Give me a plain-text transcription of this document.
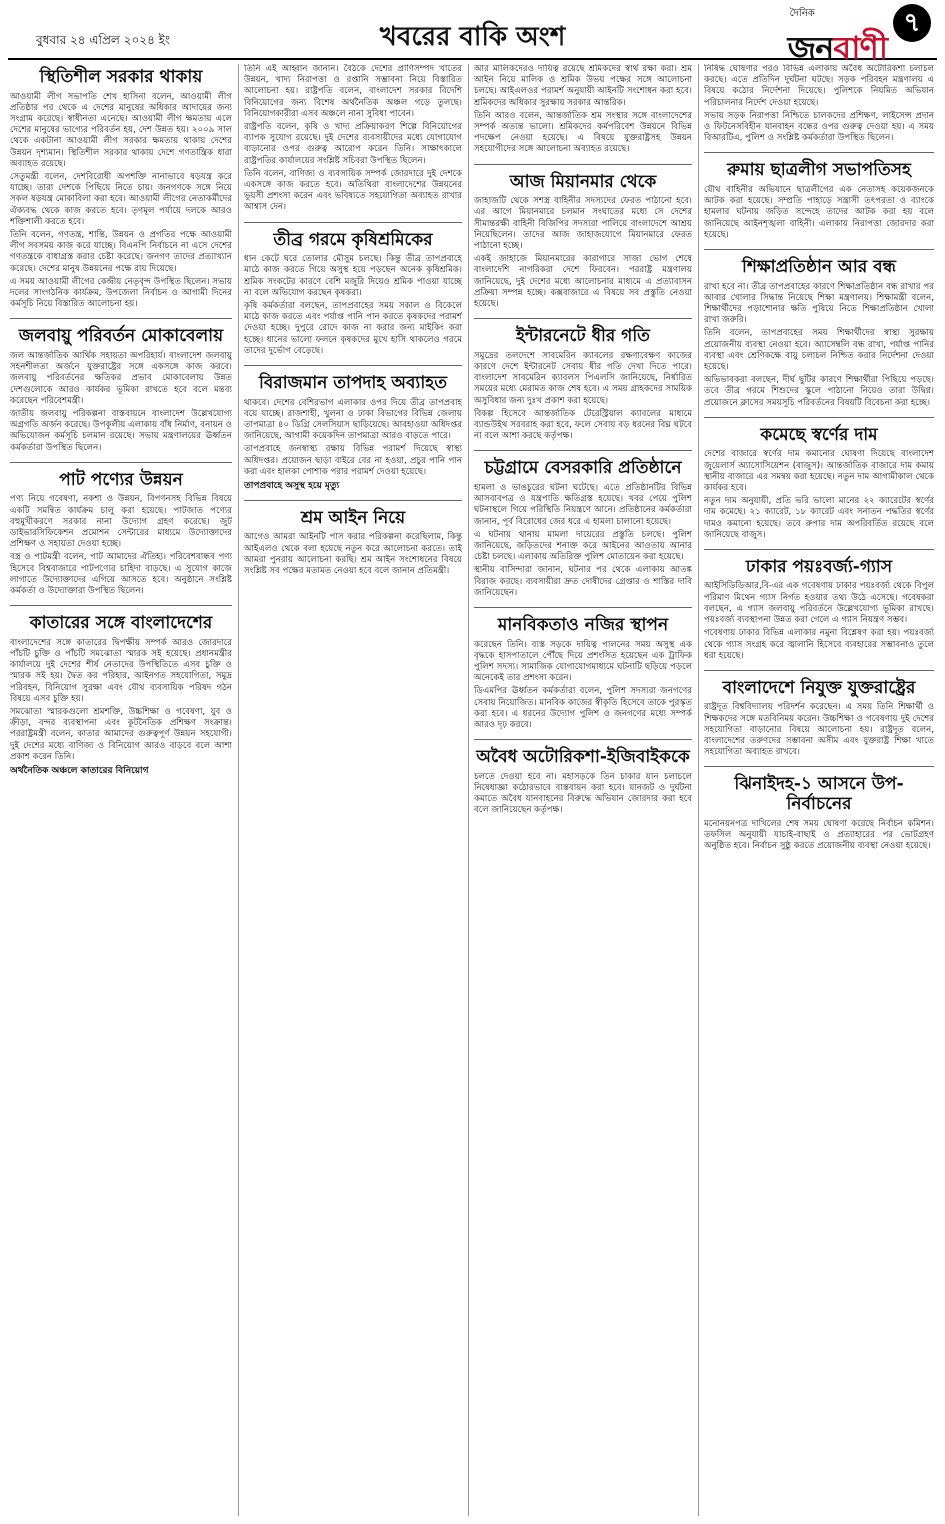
বুধবার ২৪ এপ্রিল ২০২৪ ইং	খবরের বাকি অংশ
দৈনিক
জনবাণী
৭
স্থিতিশীল সরকার থাকায়

আওয়ামী লীগ সভাপতি শেখ হাসিনা বলেন, আওয়ামী লীগ প্রতিষ্ঠার পর থেকে এ দেশের মানুষের অধিকার আদায়ের জন্য সংগ্রাম করেছে। স্বাধীনতা এনেছে। আওয়ামী লীগ ক্ষমতায় এলে দেশের মানুষের ভাগ্যের পরিবর্তন হয়, দেশ উন্নত হয়। ২০০৯ সাল থেকে একটানা আওয়ামী লীগ সরকার ক্ষমতায় থাকায় দেশের উন্নয়ন দৃশ্যমান। স্থিতিশীল সরকার থাকায় দেশে গণতান্ত্রিক ধারা অব্যাহত রয়েছে।

সেতুমন্ত্রী বলেন, দেশবিরোধী অপশক্তি নানাভাবে ষড়যন্ত্র করে যাচ্ছে। তারা দেশকে পিছিয়ে নিতে চায়। জনগণকে সঙ্গে নিয়ে সকল ষড়যন্ত্র মোকাবিলা করা হবে। আওয়ামী লীগের নেতাকর্মীদের ঐক্যবদ্ধ থেকে কাজ করতে হবে। তৃণমূল পর্যায়ে দলকে আরও শক্তিশালী করতে হবে।

তিনি বলেন, গণতন্ত্র, শান্তি, উন্নয়ন ও প্রগতির পক্ষে আওয়ামী লীগ সবসময় কাজ করে যাচ্ছে। বিএনপি নির্বাচনে না এসে দেশের গণতন্ত্রকে বাধাগ্রস্ত করার চেষ্টা করেছে। জনগণ তাদের প্রত্যাখ্যান করেছে। দেশের মানুষ উন্নয়নের পক্ষে রায় দিয়েছে।

এ সময় আওয়ামী লীগের কেন্দ্রীয় নেতৃবৃন্দ উপস্থিত ছিলেন। সভায় দলের সাংগঠনিক কার্যক্রম, উপজেলা নির্বাচন ও আগামী দিনের কর্মসূচি নিয়ে বিস্তারিত আলোচনা হয়।

জলবায়ু পরিবর্তন মোকাবেলায়

জল আন্তর্জাতিক আর্থিক সহায়তা অপরিহার্য। বাংলাদেশ জলবায়ু সহনশীলতা অর্জনে যুক্তরাষ্ট্রের সঙ্গে একসঙ্গে কাজ করবে। জলবায়ু পরিবর্তনের ক্ষতিকর প্রভাব মোকাবেলায় উন্নত দেশগুলোকে আরও কার্যকর ভূমিকা রাখতে হবে বলে মন্তব্য করেছেন পরিবেশমন্ত্রী।

জাতীয় জলবায়ু পরিকল্পনা বাস্তবায়নে বাংলাদেশ উল্লেখযোগ্য অগ্রগতি অর্জন করেছে। উপকূলীয় এলাকায় বাঁধ নির্মাণ, বনায়ন ও অভিযোজন কর্মসূচি চলমান রয়েছে। সভায় মন্ত্রণালয়ের ঊর্ধ্বতন কর্মকর্তারা উপস্থিত ছিলেন।

পাট পণ্যের উন্নয়ন

পণ্য নিয়ে গবেষণা, নকশা ও উন্নয়ন, বিপণনসহ বিভিন্ন বিষয়ে একটি সমন্বিত কার্যক্রম চালু করা হয়েছে। পাটজাত পণ্যের বহুমুখীকরণে সরকার নানা উদ্যোগ গ্রহণ করেছে। জুট ডাইভারসিফিকেশন প্রমোশন সেন্টারের মাধ্যমে উদ্যোক্তাদের প্রশিক্ষণ ও সহায়তা দেওয়া হচ্ছে।

বস্ত্র ও পাটমন্ত্রী বলেন, পাট আমাদের ঐতিহ্য। পরিবেশবান্ধব পণ্য হিসেবে বিশ্ববাজারে পাটপণ্যের চাহিদা বাড়ছে। এ সুযোগ কাজে লাগাতে উদ্যোক্তাদের এগিয়ে আসতে হবে। অনুষ্ঠানে সংশ্লিষ্ট কর্মকর্তা ও উদ্যোক্তারা উপস্থিত ছিলেন।

কাতারের সঙ্গে বাংলাদেশের

বাংলাদেশের সঙ্গে কাতারের দ্বিপক্ষীয় সম্পর্ক আরও জোরদারে পাঁচটি চুক্তি ও পাঁচটি সমঝোতা স্মারক সই হয়েছে। প্রধানমন্ত্রীর কার্যালয়ে দুই দেশের শীর্ষ নেতাদের উপস্থিতিতে এসব চুক্তি ও স্মারক সই হয়। দ্বৈত কর পরিহার, আইনগত সহযোগিতা, সমুদ্র পরিবহন, বিনিয়োগ সুরক্ষা এবং যৌথ ব্যবসায়িক পরিষদ গঠন বিষয়ে এসব চুক্তি হয়।

সমঝোতা স্মারকগুলো শ্রমশক্তি, উচ্চশিক্ষা ও গবেষণা, যুব ও ক্রীড়া, বন্দর ব্যবস্থাপনা এবং কূটনৈতিক প্রশিক্ষণ সংক্রান্ত। পররাষ্ট্রমন্ত্রী বলেন, কাতার আমাদের গুরুত্বপূর্ণ উন্নয়ন সহযোগী। দুই দেশের মধ্যে বাণিজ্য ও বিনিয়োগ আরও বাড়বে বলে আশা প্রকাশ করেন তিনি।

অর্থনৈতিক অঞ্চলে কাতারের বিনিয়োগ

তিনি এই আহ্বান জানান। বৈঠকে দেশের প্রাণিসম্পদ খাতের উন্নয়ন, খাদ্য নিরাপত্তা ও রপ্তানি সম্ভাবনা নিয়ে বিস্তারিত আলোচনা হয়। রাষ্ট্রপতি বলেন, বাংলাদেশ সরকার বিদেশি বিনিয়োগের জন্য বিশেষ অর্থনৈতিক অঞ্চল গড়ে তুলছে। বিনিয়োগকারীরা এসব অঞ্চলে নানা সুবিধা পাবেন।

রাষ্ট্রপতি বলেন, কৃষি ও খাদ্য প্রক্রিয়াকরণ শিল্পে বিনিয়োগের ব্যাপক সুযোগ রয়েছে। দুই দেশের ব্যবসায়ীদের মধ্যে যোগাযোগ বাড়ানোর ওপর গুরুত্ব আরোপ করেন তিনি। সাক্ষাৎকালে রাষ্ট্রপতির কার্যালয়ের সংশ্লিষ্ট সচিবরা উপস্থিত ছিলেন।

তিনি বলেন, বাণিজ্য ও ব্যবসায়িক সম্পর্ক জোরদারে দুই দেশকে একসঙ্গে কাজ করতে হবে। অতিথিরা বাংলাদেশের উন্নয়নের ভূয়সী প্রশংসা করেন এবং ভবিষ্যতে সহযোগিতা অব্যাহত রাখার আশ্বাস দেন।

তীব্র গরমে কৃষিশ্রমিকের

ধান কেটে ঘরে তোলার মৌসুম চলছে। কিন্তু তীব্র তাপপ্রবাহে মাঠে কাজ করতে গিয়ে অসুস্থ হয়ে পড়ছেন অনেক কৃষিশ্রমিক। শ্রমিক সংকটের কারণে বেশি মজুরি দিয়েও শ্রমিক পাওয়া যাচ্ছে না বলে অভিযোগ করছেন কৃষকরা।

কৃষি কর্মকর্তারা বলছেন, তাপপ্রবাহের সময় সকাল ও বিকেলে মাঠে কাজ করতে এবং পর্যাপ্ত পানি পান করতে কৃষকদের পরামর্শ দেওয়া হচ্ছে। দুপুরে রোদে কাজ না করার জন্য মাইকিং করা হচ্ছে। ধানের ভালো ফলনে কৃষকদের মুখে হাসি থাকলেও গরমে তাদের দুর্ভোগ বেড়েছে।

বিরাজমান তাপদাহ অব্যাহত

থাকবে। দেশের বেশিরভাগ এলাকার ওপর দিয়ে তীব্র তাপপ্রবাহ বয়ে যাচ্ছে। রাজশাহী, খুলনা ও ঢাকা বিভাগের বিভিন্ন জেলায় তাপমাত্রা ৪০ ডিগ্রি সেলসিয়াস ছাড়িয়েছে। আবহাওয়া অধিদপ্তর জানিয়েছে, আগামী কয়েকদিন তাপমাত্রা আরও বাড়তে পারে।

তাপপ্রবাহে জনস্বাস্থ্য রক্ষায় বিভিন্ন পরামর্শ দিয়েছে স্বাস্থ্য অধিদপ্তর। প্রয়োজন ছাড়া বাইরে বের না হওয়া, প্রচুর পানি পান করা এবং হালকা পোশাক পরার পরামর্শ দেওয়া হয়েছে।

তাপপ্রবাহে অসুস্থ হয়ে মৃত্যু
শ্রম আইন নিয়ে

আগেও আমরা আইনটি পাস করার পরিকল্পনা করেছিলাম, কিন্তু আইএলও থেকে বলা হয়েছে নতুন করে আলোচনা করতে। তাই আমরা পুনরায় আলোচনা করছি। শ্রম আইন সংশোধনের বিষয়ে সংশ্লিষ্ট সব পক্ষের মতামত নেওয়া হবে বলে জানান প্রতিমন্ত্রী।

আর মালিকদেরও দায়িত্ব রয়েছে শ্রমিকদের স্বার্থ রক্ষা করা। শ্রম আইন নিয়ে মালিক ও শ্রমিক উভয় পক্ষের সঙ্গে আলোচনা চলছে। আইএলওর পরামর্শ অনুযায়ী আইনটি সংশোধন করা হবে। শ্রমিকদের অধিকার সুরক্ষায় সরকার আন্তরিক।

তিনি আরও বলেন, আন্তর্জাতিক শ্রম সংস্থার সঙ্গে বাংলাদেশের সম্পর্ক অত্যন্ত ভালো। শ্রমিকদের কর্মপরিবেশ উন্নয়নে বিভিন্ন পদক্ষেপ নেওয়া হয়েছে। এ বিষয়ে যুক্তরাষ্ট্রসহ উন্নয়ন সহযোগীদের সঙ্গে আলোচনা অব্যাহত রয়েছে।

আজ মিয়ানমার থেকে

জাহাজটি থেকে সশস্ত্র বাহিনীর সদস্যদের ফেরত পাঠানো হবে। এর আগে মিয়ানমারে চলমান সংঘাতের মধ্যে সে দেশের সীমান্তরক্ষী বাহিনী বিজিপির সদস্যরা পালিয়ে বাংলাদেশে আশ্রয় নিয়েছিলেন। তাদের আজ জাহাজযোগে মিয়ানমারে ফেরত পাঠানো হচ্ছে।

একই জাহাজে মিয়ানমারের কারাগারে সাজা ভোগ শেষে বাংলাদেশি নাগরিকরা দেশে ফিরবেন। পররাষ্ট্র মন্ত্রণালয় জানিয়েছে, দুই দেশের মধ্যে আলোচনার মাধ্যমে এ প্রত্যাবাসন প্রক্রিয়া সম্পন্ন হচ্ছে। কক্সবাজারে এ বিষয়ে সব প্রস্তুতি নেওয়া হয়েছে।

ইন্টারনেটে ধীর গতি

সমুদ্রের তলদেশে সাবমেরিন ক্যাবলের রক্ষণাবেক্ষণ কাজের কারণে দেশে ইন্টারনেট সেবায় ধীর গতি দেখা দিতে পারে। বাংলাদেশ সাবমেরিন ক্যাবলস পিএলসি জানিয়েছে, নির্ধারিত সময়ের মধ্যে মেরামত কাজ শেষ হবে। এ সময় গ্রাহকদের সাময়িক অসুবিধার জন্য দুঃখ প্রকাশ করা হয়েছে।

বিকল্প হিসেবে আন্তর্জাতিক টেরেস্ট্রিয়াল ক্যাবলের মাধ্যমে ব্যান্ডউইথ সরবরাহ করা হবে, ফলে সেবায় বড় ধরনের বিঘ্ন ঘটবে না বলে আশা করছে কর্তৃপক্ষ।

চট্টগ্রামে বেসরকারি প্রতিষ্ঠানে

হামলা ও ভাঙচুরের ঘটনা ঘটেছে। এতে প্রতিষ্ঠানটির বিভিন্ন আসবাবপত্র ও যন্ত্রপাতি ক্ষতিগ্রস্ত হয়েছে। খবর পেয়ে পুলিশ ঘটনাস্থলে গিয়ে পরিস্থিতি নিয়ন্ত্রণে আনে। প্রতিষ্ঠানের কর্মকর্তারা জানান, পূর্ব বিরোধের জের ধরে এ হামলা চালানো হয়েছে।

এ ঘটনায় থানায় মামলা দায়েরের প্রস্তুতি চলছে। পুলিশ জানিয়েছে, জড়িতদের শনাক্ত করে আইনের আওতায় আনার চেষ্টা চলছে। এলাকায় অতিরিক্ত পুলিশ মোতায়েন করা হয়েছে।

স্থানীয় বাসিন্দারা জানান, ঘটনার পর থেকে এলাকায় আতঙ্ক বিরাজ করছে। ব্যবসায়ীরা দ্রুত দোষীদের গ্রেপ্তার ও শাস্তির দাবি জানিয়েছেন।

মানবিকতাও নজির স্থাপন

করেছেন তিনি। ব্যস্ত সড়কে দায়িত্ব পালনের সময় অসুস্থ এক বৃদ্ধকে হাসপাতালে পৌঁছে দিয়ে প্রশংসিত হয়েছেন এক ট্রাফিক পুলিশ সদস্য। সামাজিক যোগাযোগমাধ্যমে ঘটনাটি ছড়িয়ে পড়লে অনেকেই তার প্রশংসা করেন।

ডিএমপির ঊর্ধ্বতন কর্মকর্তারা বলেন, পুলিশ সদস্যরা জনগণের সেবায় নিয়োজিত। মানবিক কাজের স্বীকৃতি হিসেবে তাকে পুরস্কৃত করা হবে। এ ধরনের উদ্যোগ পুলিশ ও জনগণের মধ্যে সম্পর্ক আরও দৃঢ় করবে।

অবৈধ অটোরিকশা-ইজিবাইককে

চলতে দেওয়া হবে না। মহাসড়কে তিন চাকার যান চলাচলে নিষেধাজ্ঞা কঠোরভাবে বাস্তবায়ন করা হবে। যানজট ও দুর্ঘটনা কমাতে অবৈধ যানবাহনের বিরুদ্ধে অভিযান জোরদার করা হবে বলে জানিয়েছেন কর্তৃপক্ষ।

নিষিদ্ধ ঘোষণার পরও বিভিন্ন এলাকায় অবৈধ অটোরিকশা চলাচল করছে। এতে প্রতিদিন দুর্ঘটনা ঘটছে। সড়ক পরিবহন মন্ত্রণালয় এ বিষয়ে কঠোর নির্দেশনা দিয়েছে। পুলিশকে নিয়মিত অভিযান পরিচালনার নির্দেশ দেওয়া হয়েছে।

সভায় সড়ক নিরাপত্তা নিশ্চিতে চালকদের প্রশিক্ষণ, লাইসেন্স প্রদান ও ফিটনেসবিহীন যানবাহন বন্ধের ওপর গুরুত্ব দেওয়া হয়। এ সময় বিআরটিএ, পুলিশ ও সংশ্লিষ্ট কর্মকর্তারা উপস্থিত ছিলেন।

রুমায় ছাত্রলীগ সভাপতিসহ

যৌথ বাহিনীর অভিযানে ছাত্রলীগের এক নেতাসহ কয়েকজনকে আটক করা হয়েছে। সম্প্রতি পাহাড়ে সন্ত্রাসী তৎপরতা ও ব্যাংকে হামলার ঘটনায় জড়িত সন্দেহে তাদের আটক করা হয় বলে জানিয়েছে আইনশৃঙ্খলা বাহিনী। এলাকায় নিরাপত্তা জোরদার করা হয়েছে।

শিক্ষাপ্রতিষ্ঠান আর বন্ধ

রাখা হবে না। তীব্র তাপপ্রবাহের কারণে শিক্ষাপ্রতিষ্ঠান বন্ধ রাখার পর আবার খোলার সিদ্ধান্ত নিয়েছে শিক্ষা মন্ত্রণালয়। শিক্ষামন্ত্রী বলেন, শিক্ষার্থীদের পড়াশোনার ক্ষতি পুষিয়ে নিতে শিক্ষাপ্রতিষ্ঠান খোলা রাখা জরুরি।

তিনি বলেন, তাপপ্রবাহের সময় শিক্ষার্থীদের স্বাস্থ্য সুরক্ষায় প্রয়োজনীয় ব্যবস্থা নেওয়া হবে। অ্যাসেম্বলি বন্ধ রাখা, পর্যাপ্ত পানির ব্যবস্থা এবং শ্রেণিকক্ষে বায়ু চলাচল নিশ্চিত করার নির্দেশনা দেওয়া হয়েছে।

অভিভাবকরা বলছেন, দীর্ঘ ছুটির কারণে শিক্ষার্থীরা পিছিয়ে পড়ছে। তবে তীব্র গরমে শিশুদের স্কুলে পাঠানো নিয়েও তারা উদ্বিগ্ন। প্রয়োজনে ক্লাসের সময়সূচি পরিবর্তনের বিষয়টি বিবেচনা করা হচ্ছে।

কমেছে স্বর্ণের দাম

দেশের বাজারে স্বর্ণের দাম কমানোর ঘোষণা দিয়েছে বাংলাদেশ জুয়েলার্স অ্যাসোসিয়েশন (বাজুস)। আন্তর্জাতিক বাজারে দাম কমায় স্থানীয় বাজারে এর সমন্বয় করা হয়েছে। নতুন দাম আগামীকাল থেকে কার্যকর হবে।

নতুন দাম অনুযায়ী, প্রতি ভরি ভালো মানের ২২ ক্যারেটের স্বর্ণের দাম কমেছে। ২১ ক্যারেট, ১৮ ক্যারেট এবং সনাতন পদ্ধতির স্বর্ণের দামও কমানো হয়েছে। তবে রুপার দাম অপরিবর্তিত রয়েছে বলে জানিয়েছে বাজুস।

ঢাকার পয়ঃবর্জ্য-গ্যাস

আইসিডিডিআর,বি-এর এক গবেষণায় ঢাকার পয়ঃবর্জ্য থেকে বিপুল পরিমাণ মিথেন গ্যাস নির্গত হওয়ার তথ্য উঠে এসেছে। গবেষকরা বলছেন, এ গ্যাস জলবায়ু পরিবর্তনে উল্লেখযোগ্য ভূমিকা রাখছে। পয়ঃবর্জ্য ব্যবস্থাপনা উন্নত করা গেলে এ গ্যাস নিয়ন্ত্রণ সম্ভব।

গবেষণায় ঢাকার বিভিন্ন এলাকার নমুনা বিশ্লেষণ করা হয়। পয়ঃবর্জ্য থেকে গ্যাস সংগ্রহ করে জ্বালানি হিসেবে ব্যবহারের সম্ভাবনাও তুলে ধরা হয়েছে।

বাংলাদেশে নিযুক্ত যুক্তরাষ্ট্রের

রাষ্ট্রদূত বিশ্ববিদ্যালয় পরিদর্শন করেছেন। এ সময় তিনি শিক্ষার্থী ও শিক্ষকদের সঙ্গে মতবিনিময় করেন। উচ্চশিক্ষা ও গবেষণায় দুই দেশের সহযোগিতা বাড়ানোর বিষয়ে আলোচনা হয়। রাষ্ট্রদূত বলেন, বাংলাদেশের তরুণদের সম্ভাবনা অসীম এবং যুক্তরাষ্ট্র শিক্ষা খাতে সহযোগিতা অব্যাহত রাখবে।

ঝিনাইদহ-১ আসনে উপ-নির্বাচনের

মনোনয়নপত্র দাখিলের শেষ সময় ঘোষণা করেছে নির্বাচন কমিশন। তফসিল অনুযায়ী যাচাই-বাছাই ও প্রত্যাহারের পর ভোটগ্রহণ অনুষ্ঠিত হবে। নির্বাচন সুষ্ঠু করতে প্রয়োজনীয় ব্যবস্থা নেওয়া হয়েছে।
